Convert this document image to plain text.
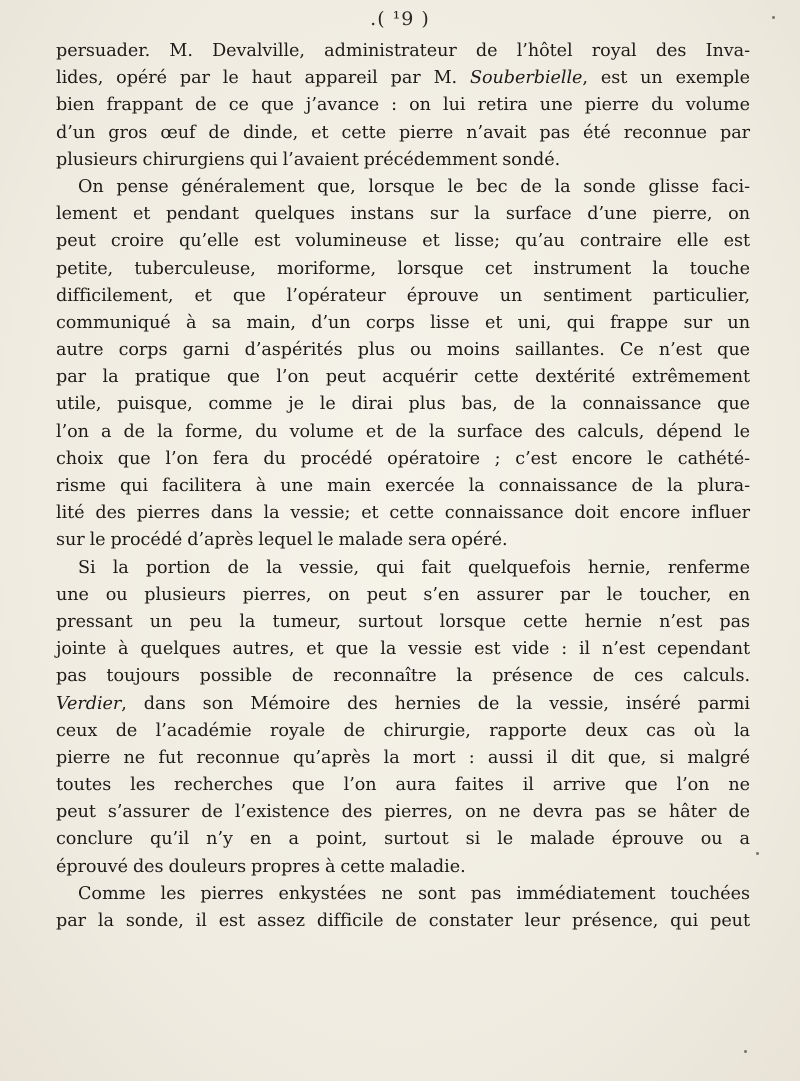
.( ¹9 )
persuader. M. Devalville, administrateur de l’hôtel royal des Inva-
lides, opéré par le haut appareil par M. Souberbielle, est un exemple
bien frappant de ce que j’avance : on lui retira une pierre du volume
d’un gros œuf de dinde, et cette pierre n’avait pas été reconnue par
plusieurs chirurgiens qui l’avaient précédemment sondé.
On pense généralement que, lorsque le bec de la sonde glisse faci-
lement et pendant quelques instans sur la surface d’une pierre, on
peut croire qu’elle est volumineuse et lisse; qu’au contraire elle est
petite, tuberculeuse, moriforme, lorsque cet instrument la touche
difficilement, et que l’opérateur éprouve un sentiment particulier,
communiqué à sa main, d’un corps lisse et uni, qui frappe sur un
autre corps garni d’aspérités plus ou moins saillantes. Ce n’est que
par la pratique que l’on peut acquérir cette dextérité extrêmement
utile, puisque, comme je le dirai plus bas, de la connaissance que
l’on a de la forme, du volume et de la surface des calculs, dépend le
choix que l’on fera du procédé opératoire ; c’est encore le cathété-
risme qui facilitera à une main exercée la connaissance de la plura-
lité des pierres dans la vessie; et cette connaissance doit encore influer
sur le procédé d’après lequel le malade sera opéré.
Si la portion de la vessie, qui fait quelquefois hernie, renferme
une ou plusieurs pierres, on peut s’en assurer par le toucher, en
pressant un peu la tumeur, surtout lorsque cette hernie n’est pas
jointe à quelques autres, et que la vessie est vide : il n’est cependant
pas toujours possible de reconnaître la présence de ces calculs.
Verdier, dans son Mémoire des hernies de la vessie, inséré parmi
ceux de l’académie royale de chirurgie, rapporte deux cas où la
pierre ne fut reconnue qu’après la mort : aussi il dit que, si malgré
toutes les recherches que l’on aura faites il arrive que l’on ne
peut s’assurer de l’existence des pierres, on ne devra pas se hâter de
conclure qu’il n’y en a point, surtout si le malade éprouve ou a
éprouvé des douleurs propres à cette maladie.
Comme les pierres enkystées ne sont pas immédiatement touchées
par la sonde, il est assez difficile de constater leur présence, qui peut
